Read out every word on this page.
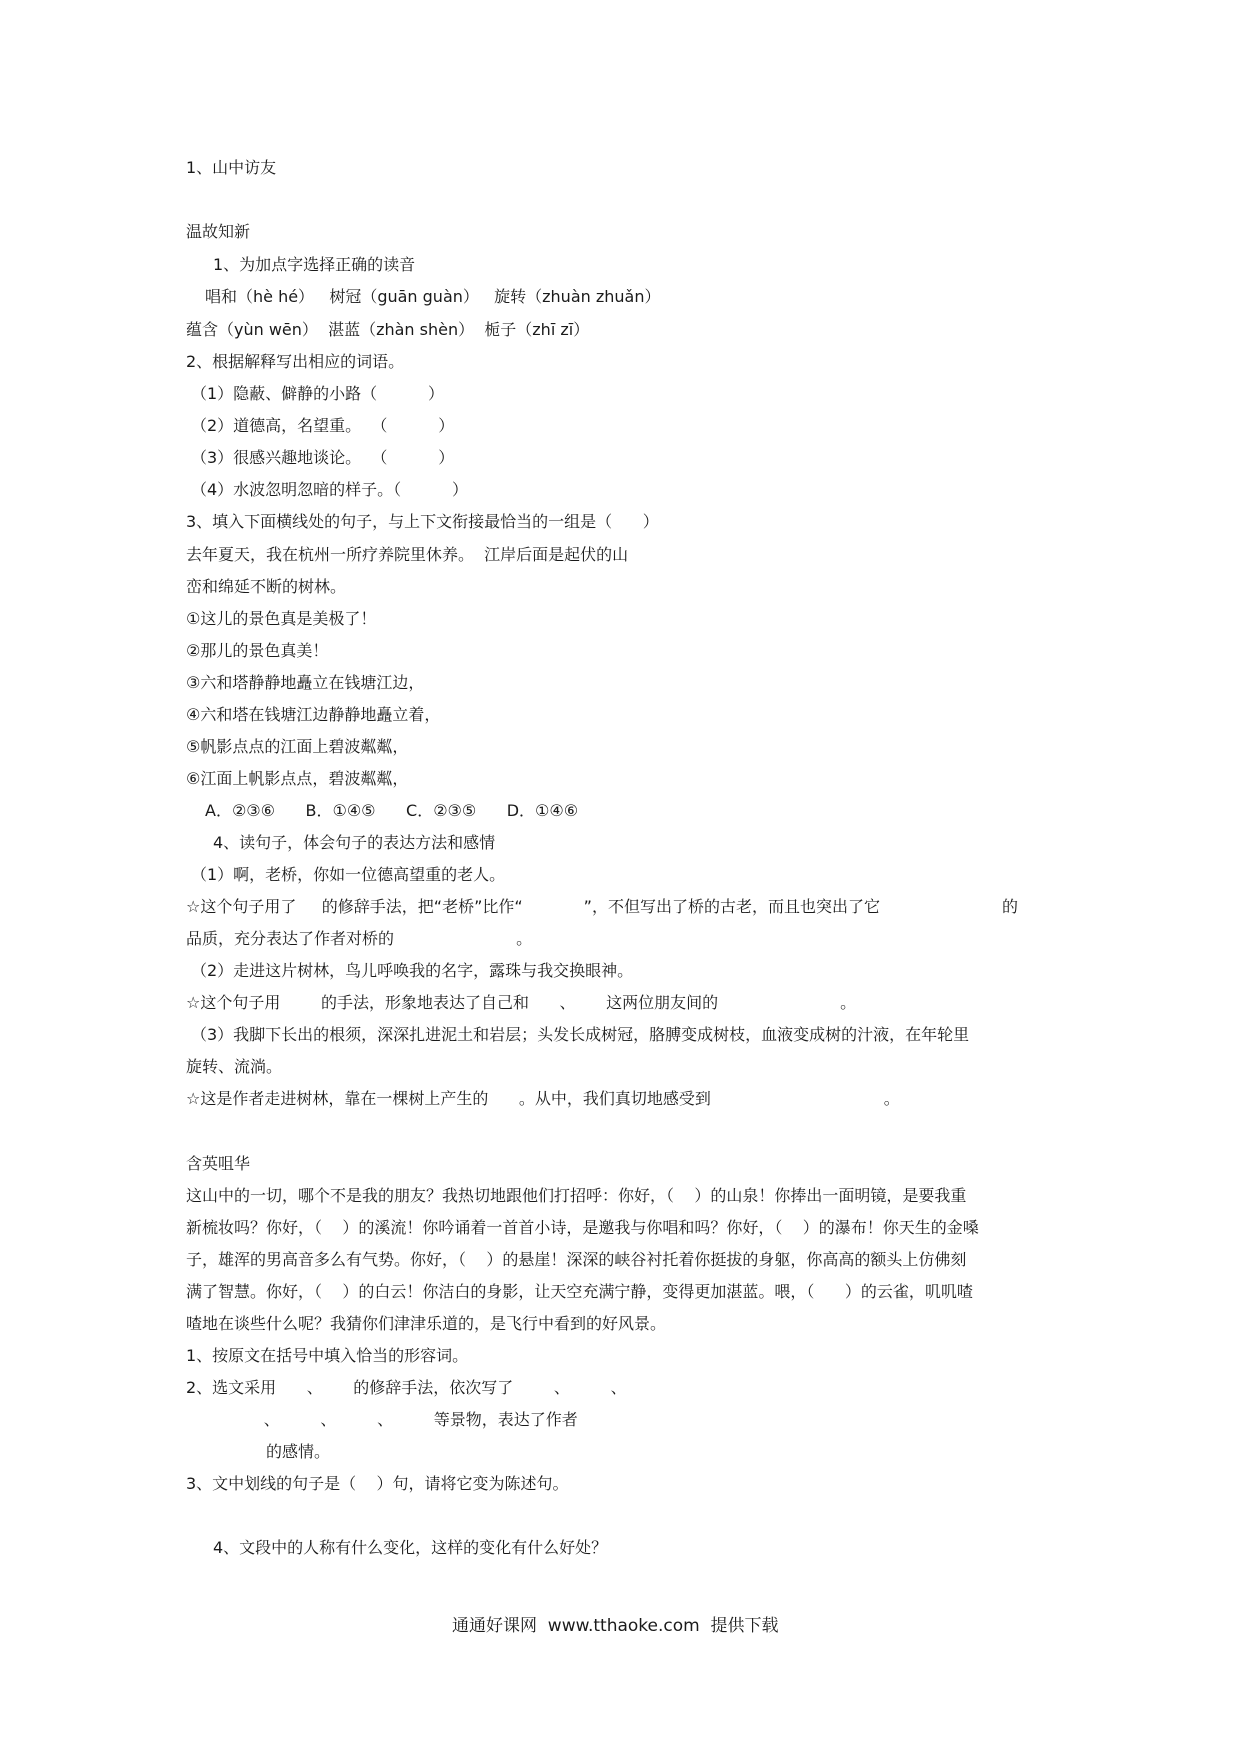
1、山中访友
温故知新
1、为加点字选择正确的读音
唱和（hè hé）   树冠（guān guàn）   旋转（zhuàn zhuǎn）
蕴含（yùn wēn）  湛蓝（zhàn shèn）  栀子（zhī zī）
2、根据解释写出相应的词语。
（1）隐蔽、僻静的小路（          ）
（2）道德高，名望重。  （          ）
（3）很感兴趣地谈论。  （          ）
（4）水波忽明忽暗的样子。（          ）
3、填入下面横线处的句子，与上下文衔接最恰当的一组是（      ）
去年夏天，我在杭州一所疗养院里休养。  江岸后面是起伏的山
峦和绵延不断的树林。
①这儿的景色真是美极了！
②那儿的景色真美！
③六和塔静静地矗立在钱塘江边，
④六和塔在钱塘江边静静地矗立着，
⑤帆影点点的江面上碧波粼粼，
⑥江面上帆影点点，碧波粼粼，
A．②③⑥      B．①④⑤      C．②③⑤      D．①④⑥
4、读句子，体会句子的表达方法和感情
（1）啊，老桥，你如一位德高望重的老人。
☆这个句子用了     的修辞手法，把“老桥”比作“            ”，不但写出了桥的古老，而且也突出了它                        的
品质，充分表达了作者对桥的                        。
（2）走进这片树林，鸟儿呼唤我的名字，露珠与我交换眼神。
☆这个句子用        的手法，形象地表达了自己和      、      这两位朋友间的                        。
（3）我脚下长出的根须，深深扎进泥土和岩层；头发长成树冠，胳膊变成树枝，血液变成树的汁液，在年轮里
旋转、流淌。
☆这是作者走进树林，靠在一棵树上产生的      。从中，我们真切地感受到                                  。
含英咀华
这山中的一切，哪个不是我的朋友？我热切地跟他们打招呼：你好，（    ）的山泉！你捧出一面明镜，是要我重
新梳妆吗？你好，（    ）的溪流！你吟诵着一首首小诗，是邀我与你唱和吗？你好，（    ）的瀑布！你天生的金嗓
子，雄浑的男高音多么有气势。你好，（    ）的悬崖！深深的峡谷衬托着你挺拔的身躯，你高高的额头上仿佛刻
满了智慧。你好，（    ）的白云！你洁白的身影，让天空充满宁静，变得更加湛蓝。喂，（      ）的云雀，叽叽喳
喳地在谈些什么呢？我猜你们津津乐道的，是飞行中看到的好风景。
1、按原文在括号中填入恰当的形容词。
2、选文采用      、      的修辞手法，依次写了        、        、
、        、        、        等景物，表达了作者
的感情。
3、文中划线的句子是（    ）句，请将它变为陈述句。
4、文段中的人称有什么变化，这样的变化有什么好处？
通通好课网  www.tthaoke.com  提供下载
